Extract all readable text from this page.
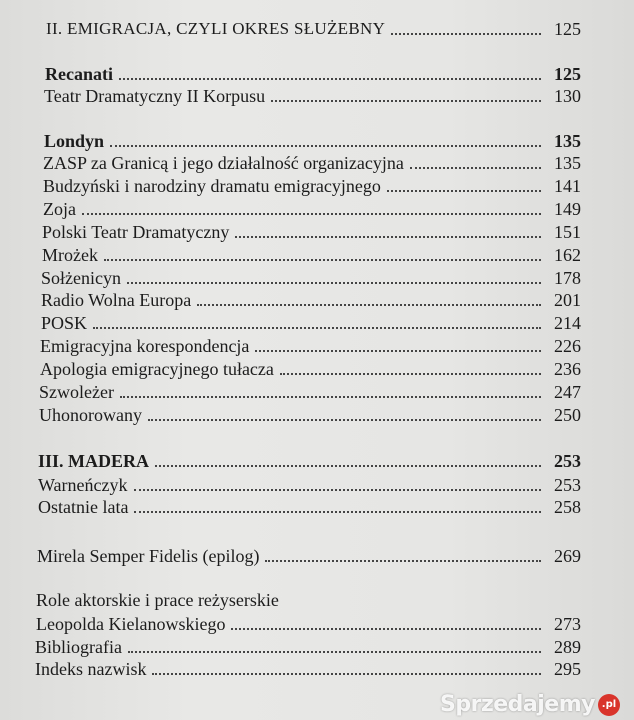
II. EMIGRACJA, CZYLI OKRES SŁUŻEBNY	125
Recanati	125
Teatr Dramatyczny II Korpusu	130
Londyn	135
ZASP za Granicą i jego działalność organizacyjna	135
Budzyński i narodziny dramatu emigracyjnego	141
Zoja	149
Polski Teatr Dramatyczny	151
Mrożek	162
Sołżenicyn	178
Radio Wolna Europa	201
POSK	214
Emigracyjna korespondencja	226
Apologia emigracyjnego tułacza	236
Szwoleżer	247
Uhonorowany	250
III. MADERA	253
Warneńczyk	253
Ostatnie lata	258
Mirela Semper Fidelis (epilog)	269
Role aktorskie i prace reżyserskie
Leopolda Kielanowskiego	273
Bibliografia	289
Indeks nazwisk	295
Sprzedajemy .pl
